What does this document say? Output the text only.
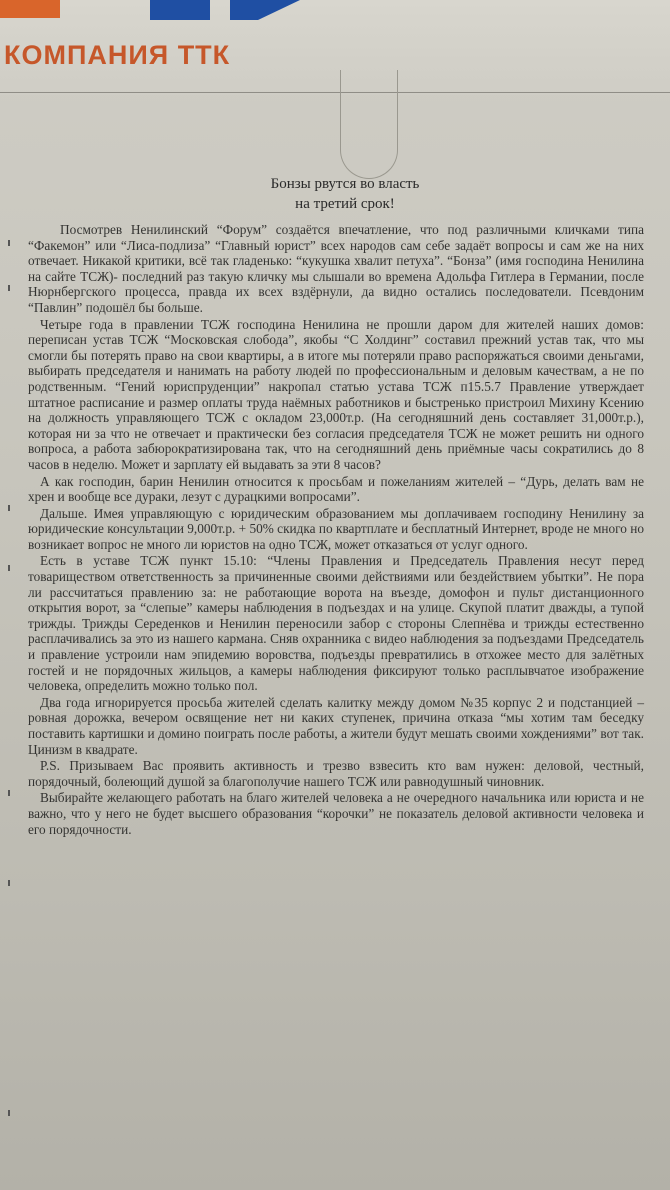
КОМПАНИЯ ТТК
Бонзы рвутся во власть
на третий срок!

Посмотрев Ненилинский “Форум” создаётся впечатление, что под различными кличками типа “Факемон” или “Лиса-подлиза” “Главный юрист” всех народов сам себе задаёт вопросы и сам же на них отвечает. Никакой критики, всё так гладенько: “кукушка хвалит петуха”. “Бонза” (имя господина Ненилина на сайте ТСЖ)- последний раз такую кличку мы слышали во времена Адольфа Гитлера в Германии, после Нюрнбергского процесса, правда их всех вздёрнули, да видно остались последователи. Псевдоним “Павлин” подошёл бы больше.

Четыре года в правлении ТСЖ господина Ненилина не прошли даром для жителей наших домов: переписан устав ТСЖ “Московская слобода”, якобы “С Холдинг” составил прежний устав так, что мы смогли бы потерять право на свои квартиры, а в итоге мы потеряли право распоряжаться своими деньгами, выбирать председателя и нанимать на работу людей по профессиональным и деловым качествам, а не по родственным. “Гений юриспруденции” накропал статью устава ТСЖ п15.5.7 Правление утверждает штатное расписание и размер оплаты труда наёмных работников и быстренько пристроил Михину Ксению на должность управляющего ТСЖ с окладом 23,000т.р. (На сегодняшний день составляет 31,000т.р.), которая ни за что не отвечает и практически без согласия председателя ТСЖ не может решить ни одного вопроса, а работа забюрократизирована так, что на сегодняшний день приёмные часы сократились до 8 часов в неделю. Может и зарплату ей выдавать за эти 8 часов?

А как господин, барин Ненилин относится к просьбам и пожеланиям жителей – “Дурь, делать вам не хрен и вообще все дураки, лезут с дурацкими вопросами”.

Дальше. Имея управляющую с юридическим образованием мы доплачиваем господину Ненилину за юридические консультации 9,000т.р. + 50% скидка по квартплате и бесплатный Интернет, вроде не много но возникает вопрос не много ли юристов на одно ТСЖ, может отказаться от услуг одного.

Есть в уставе ТСЖ пункт 15.10: “Члены Правления и Председатель Правления несут перед товариществом ответственность за причиненные своими действиями или бездействием убытки”. Не пора ли рассчитаться правлению за: не работающие ворота на въезде, домофон и пульт дистанционного открытия ворот, за “слепые” камеры наблюдения в подъездах и на улице. Скупой платит дважды, а тупой трижды. Трижды Середенков и Ненилин переносили забор с стороны Слепнёва и трижды естественно расплачивались за это из нашего кармана. Сняв охранника с видео наблюдения за подъездами Председатель и правление устроили нам эпидемию воровства, подъезды превратились в отхожее место для залётных гостей и не порядочных жильцов, а камеры наблюдения фиксируют только расплывчатое изображение человека, определить можно только пол.

Два года игнорируется просьба жителей сделать калитку между домом №35 корпус 2 и подстанцией – ровная дорожка, вечером освящение нет ни каких ступенек, причина отказа “мы хотим там беседку поставить картишки и домино поиграть после работы, а жители будут мешать своими хождениями” вот так. Цинизм в квадрате.

P.S. Призываем Вас проявить активность и трезво взвесить кто вам нужен: деловой, честный, порядочный, болеющий душой за благополучие нашего ТСЖ или равнодушный чиновник.

Выбирайте желающего работать на благо жителей человека а не очередного начальника или юриста и не важно, что у него не будет высшего образования “корочки” не показатель деловой активности человека и его порядочности.
